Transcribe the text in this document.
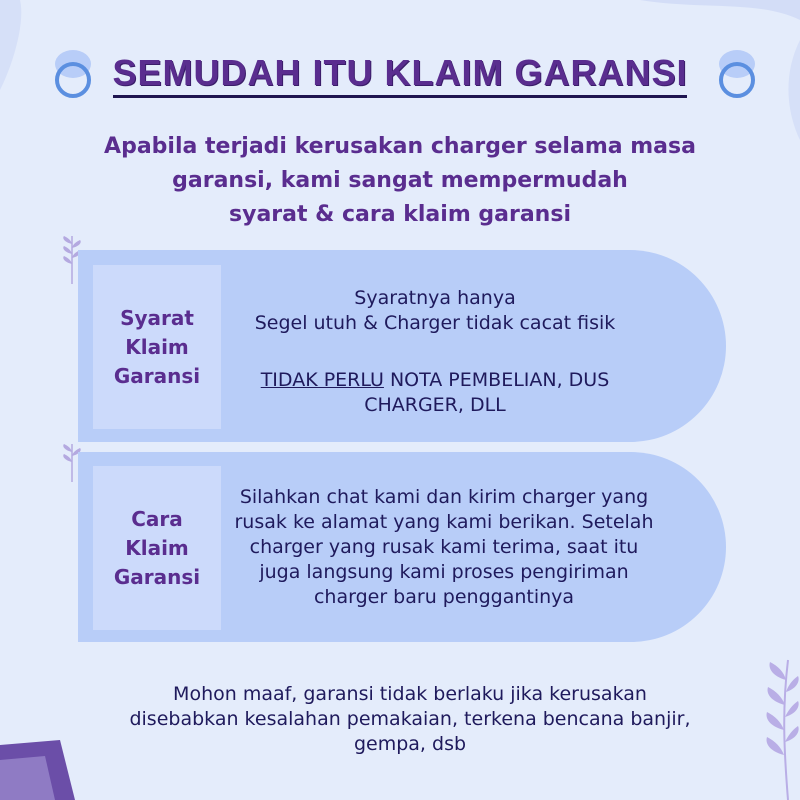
SEMUDAH ITU KLAIM GARANSI
Apabila terjadi kerusakan charger selama masa
garansi, kami sangat mempermudah
syarat & cara klaim garansi
Syarat
Klaim
Garansi
Syaratnya hanya
Segel utuh & Charger tidak cacat fisik
TIDAK PERLU NOTA PEMBELIAN, DUS
CHARGER, DLL
Cara
Klaim
Garansi
Silahkan chat kami dan kirim charger yang
rusak ke alamat yang kami berikan. Setelah
charger yang rusak kami terima, saat itu
juga langsung kami proses pengiriman
charger baru penggantinya
Mohon maaf, garansi tidak berlaku jika kerusakan
disebabkan kesalahan pemakaian, terkena bencana banjir,
gempa, dsb
